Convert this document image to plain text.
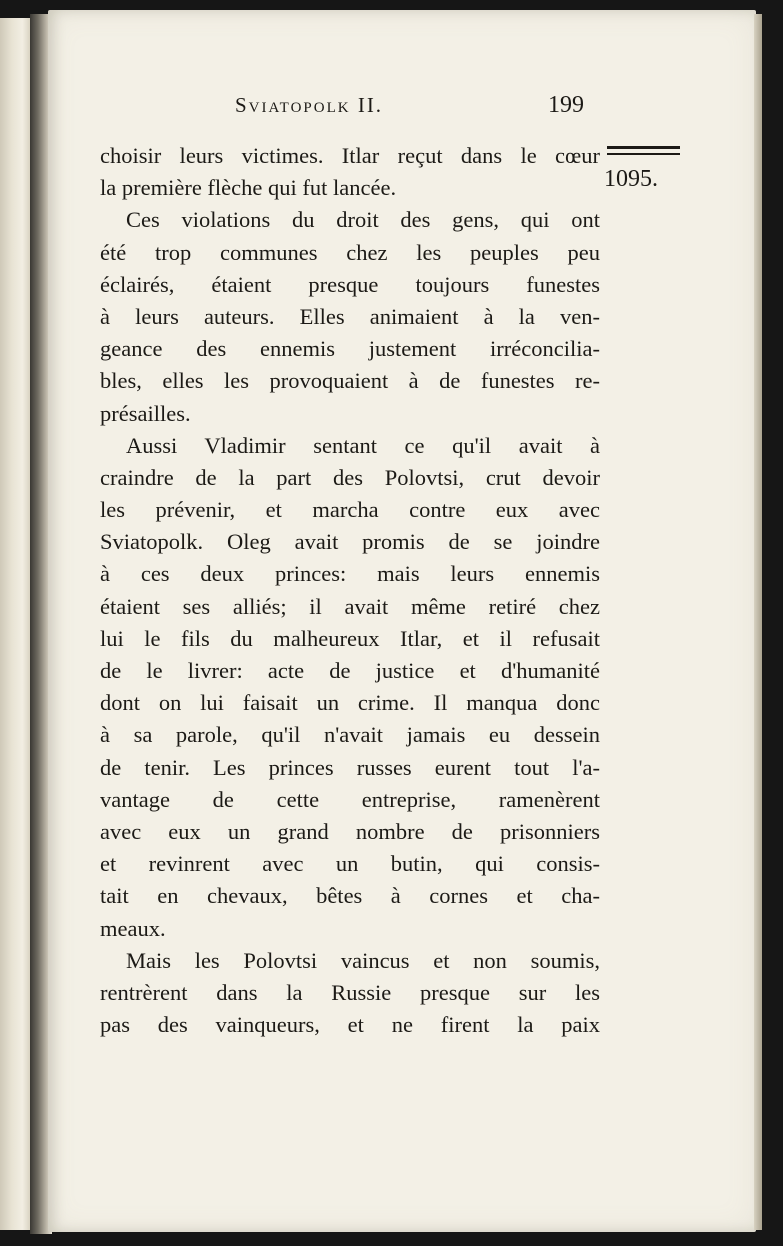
Sviatopolk II.	199
1095.
choisir leurs victimes. Itlar reçut dans le cœur
la première flèche qui fut lancée.
Ces violations du droit des gens, qui ont
été trop communes chez les peuples peu
éclairés, étaient presque toujours funestes
à leurs auteurs. Elles animaient à la ven-
geance des ennemis justement irréconcilia-
bles, elles les provoquaient à de funestes re-
présailles.
Aussi Vladimir sentant ce qu'il avait à
craindre de la part des Polovtsi, crut devoir
les prévenir, et marcha contre eux avec
Sviatopolk. Oleg avait promis de se joindre
à ces deux princes: mais leurs ennemis
étaient ses alliés; il avait même retiré chez
lui le fils du malheureux Itlar, et il refusait
de le livrer: acte de justice et d'humanité
dont on lui faisait un crime. Il manqua donc
à sa parole, qu'il n'avait jamais eu dessein
de tenir. Les princes russes eurent tout l'a-
vantage de cette entreprise, ramenèrent
avec eux un grand nombre de prisonniers
et revinrent avec un butin, qui consis-
tait en chevaux, bêtes à cornes et cha-
meaux.
Mais les Polovtsi vaincus et non soumis,
rentrèrent dans la Russie presque sur les
pas des vainqueurs, et ne firent la paix
